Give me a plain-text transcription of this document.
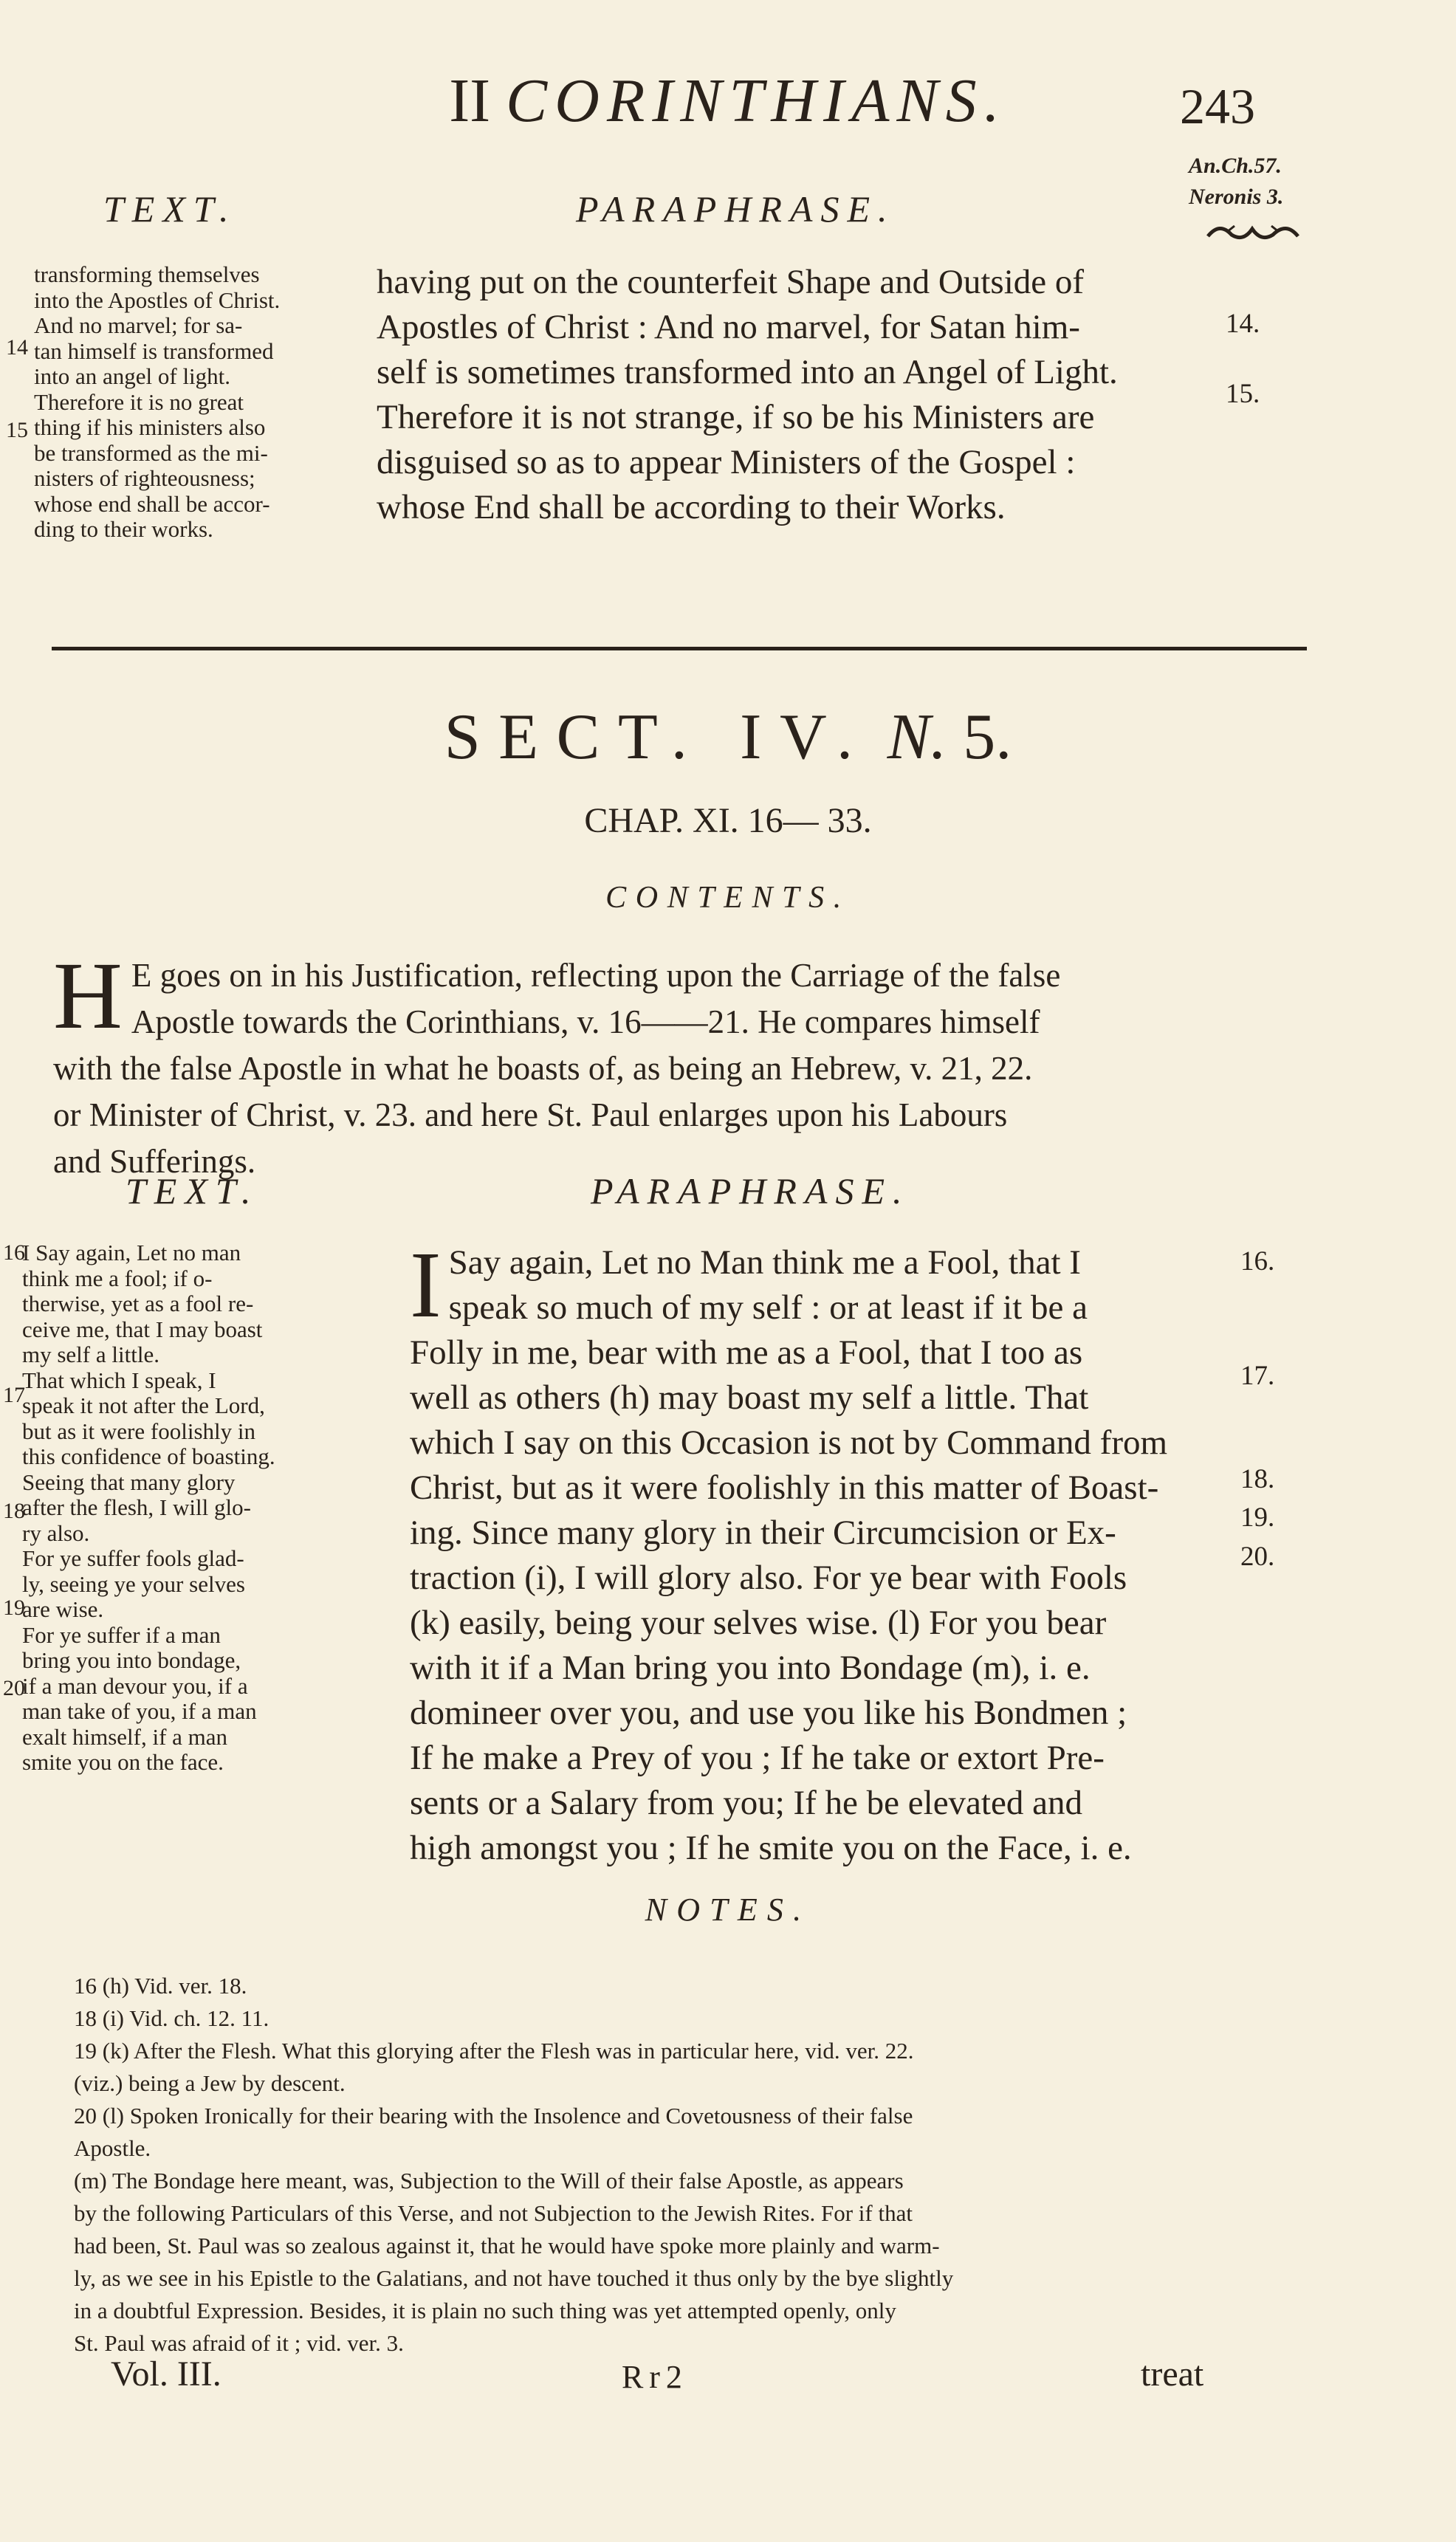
II CORINTHIANS.	243
An.Ch.57.
Neronis 3.
TEXT.	PARAPHRASE.
transforming themselves
into the Apostles of Christ.
And no marvel; for sa-
tan himself is transformed
into an angel of light.
Therefore it is no great
thing if his ministers also
be transformed as the mi-
nisters of righteousness;
whose end shall be accor-
ding to their works.
having put on the counterfeit Shape and Outside of
Apostles of Christ : And no marvel, for Satan him-
self is sometimes transformed into an Angel of Light.
Therefore it is not strange, if so be his Ministers are
disguised so as to appear Ministers of the Gospel :
whose End shall be according to their Works.
SECT. IV. N. 5.
CHAP. XI. 16— 33.
CONTENTS.
H E goes on in his Justification, reflecting upon the Carriage of the false
Apostle towards the Corinthians, v. 16——21. He compares himself
with the false Apostle in what he boasts of, as being an Hebrew, v. 21, 22.
or Minister of Christ, v. 23. and here St. Paul enlarges upon his Labours
and Sufferings.
TEXT.	PARAPHRASE.
I Say again, Let no man
think me a fool; if o-
therwise, yet as a fool re-
ceive me, that I may boast
my self a little.
That which I speak, I
speak it not after the Lord,
but as it were foolishly in
this confidence of boasting.
Seeing that many glory
after the flesh, I will glo-
ry also.
For ye suffer fools glad-
ly, seeing ye your selves
are wise.
For ye suffer if a man
bring you into bondage,
if a man devour you, if a
man take of you, if a man
exalt himself, if a man
smite you on the face.
I Say again, Let no Man think me a Fool, that I
speak so much of my self : or at least if it be a
Folly in me, bear with me as a Fool, that I too as
well as others (h) may boast my self a little. That
which I say on this Occasion is not by Command from
Christ, but as it were foolishly in this matter of Boast-
ing. Since many glory in their Circumcision or Ex-
traction (i), I will glory also. For ye bear with Fools
(k) easily, being your selves wise. (l) For you bear
with it if a Man bring you into Bondage (m), i. e.
domineer over you, and use you like his Bondmen ;
If he make a Prey of you ; If he take or extort Pre-
sents or a Salary from you; If he be elevated and
high amongst you ; If he smite you on the Face, i. e.
NOTES.
16 (h) Vid. ver. 18.
18 (i) Vid. ch. 12. 11.
19 (k) After the Flesh. What this glorying after the Flesh was in particular here, vid. ver. 22.
(viz.) being a Jew by descent.
20 (l) Spoken Ironically for their bearing with the Insolence and Covetousness of their false
Apostle.
(m) The Bondage here meant, was, Subjection to the Will of their false Apostle, as appears
by the following Particulars of this Verse, and not Subjection to the Jewish Rites. For if that
had been, St. Paul was so zealous against it, that he would have spoke more plainly and warm-
ly, as we see in his Epistle to the Galatians, and not have touched it thus only by the bye slightly
in a doubtful Expression. Besides, it is plain no such thing was yet attempted openly, only
St. Paul was afraid of it ; vid. ver. 3.
Vol. III.	Rr2	treat
14
15
14.
15.
16
17
18
19
20
16.
17.
18.
19.
20.
